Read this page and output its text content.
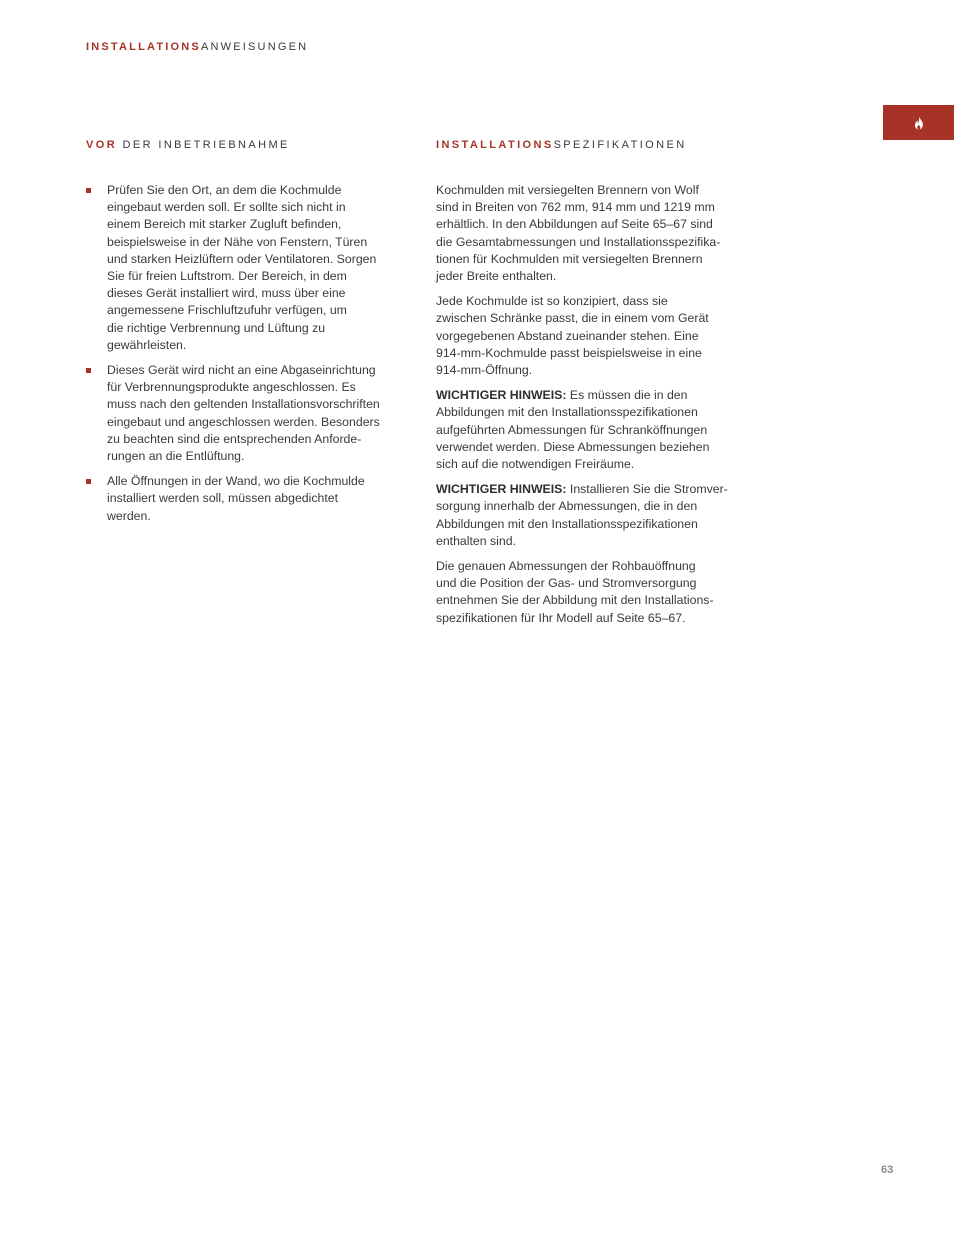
INSTALLATIONSANWEISUNGEN
VOR DER INBETRIEBNAHME	INSTALLATIONSSPEZIFIKATIONEN
Prüfen Sie den Ort, an dem die Kochmulde
eingebaut werden soll. Er sollte sich nicht in
einem Bereich mit starker Zugluft befinden,
beispielsweise in der Nähe von Fenstern, Türen
und starken Heizlüftern oder Ventilatoren. Sorgen
Sie für freien Luftstrom. Der Bereich, in dem
dieses Gerät installiert wird, muss über eine
angemessene Frischluftzufuhr verfügen, um
die richtige Verbrennung und Lüftung zu
gewährleisten.
Dieses Gerät wird nicht an eine Abgaseinrichtung
für Verbrennungsprodukte angeschlossen. Es
muss nach den geltenden Installationsvorschriften
eingebaut und angeschlossen werden. Besonders
zu beachten sind die entsprechenden Anforde-
rungen an die Entlüftung.
Alle Öffnungen in der Wand, wo die Kochmulde
installiert werden soll, müssen abgedichtet
werden.

Kochmulden mit versiegelten Brennern von Wolf
sind in Breiten von 762 mm, 914 mm und 1219 mm
erhältlich. In den Abbildungen auf Seite 65–67 sind
die Gesamtabmessungen und Installationsspezifika-
tionen für Kochmulden mit versiegelten Brennern
jeder Breite enthalten.

Jede Kochmulde ist so konzipiert, dass sie
zwischen Schränke passt, die in einem vom Gerät
vorgegebenen Abstand zueinander stehen. Eine
914-mm-Kochmulde passt beispielsweise in eine
914-mm-Öffnung.

WICHTIGER HINWEIS: Es müssen die in den
Abbildungen mit den Installationsspezifikationen
aufgeführten Abmessungen für Schranköffnungen
verwendet werden. Diese Abmessungen beziehen
sich auf die notwendigen Freiräume.

WICHTIGER HINWEIS: Installieren Sie die Stromver-
sorgung innerhalb der Abmessungen, die in den
Abbildungen mit den Installationsspezifikationen
enthalten sind.

Die genauen Abmessungen der Rohbauöffnung
und die Position der Gas- und Stromversorgung
entnehmen Sie der Abbildung mit den Installations-
spezifikationen für Ihr Modell auf Seite 65–67.

63
